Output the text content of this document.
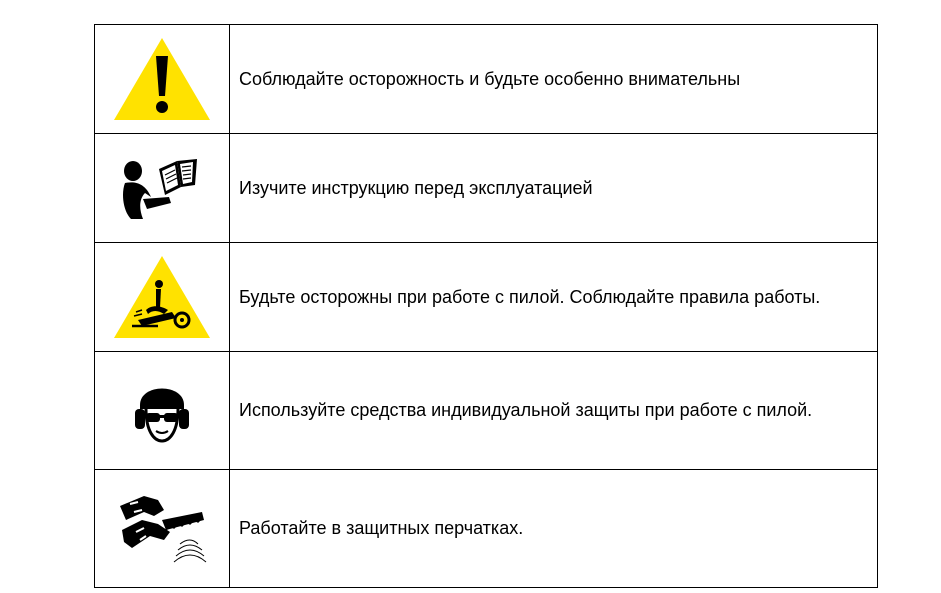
	Соблюдайте осторожность и будьте особенно внимательны

	Изучите инструкцию перед эксплуатацией

	Будьте осторожны при работе с пилой. Соблюдайте правила работы.

	Используйте средства индивидуальной защиты при работе с пилой.

	Работайте в защитных перчатках.
